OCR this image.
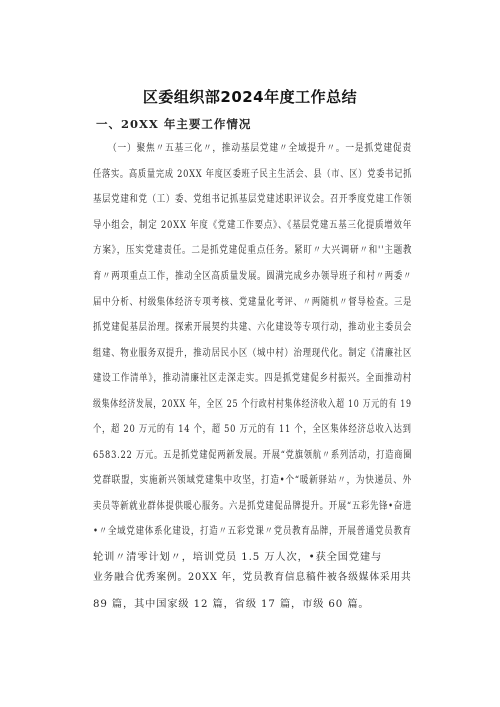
区委组织部2024年度工作总结
一、20XX 年主要工作情况
（一）聚焦〃五基三化〃，推动基层党建〃全域提升〃。一是抓党建促责
任落实。高质量完成 20XX 年度区委班子民主生活会、县（市、区）党委书记抓
基层党建和党（工）委、党组书记抓基层党建述职评议会。召开季度党建工作领
导小组会，制定 20XX 年度《党建工作要点》、《基层党建五基三化提质增效年
方案》，压实党建责任。二是抓党建促重点任务。紧盯〃大兴调研〃和''主题教
育〃两项重点工作，推动全区高质量发展。圆满完成乡办领导班子和村〃两委〃
届中分析、村级集体经济专项考核、党建量化考评、〃两随机〃督导检查。三是
抓党建促基层治理。探索开展契约共建、六化建设等专项行动，推动业主委员会
组建、物业服务双提升，推动居民小区（城中村）治理现代化。制定《清廉社区
建设工作清单》，推动清廉社区走深走实。四是抓党建促乡村振兴。全面推动村
级集体经济发展，20XX 年，全区 25 个行政村村集体经济收入超 10 万元的有 19
个，超 20 万元的有 14 个，超 50 万元的有 11 个，全区集体经济总收入达到
6583.22 万元。五是抓党建促两新发展。开展“党旗领航〃系列活动，打造商圈
党群联盟，实施新兴领域党建集中攻坚，打造•个“暖新驿站〃，为快递员、外
卖员等新就业群体提供暖心服务。六是抓党建促品牌提升。开展“五彩先锋•奋进
•〃全域党建体系化建设，打造〃五彩党课〃党员教育品牌，开展普通党员教育
轮训〃清零计划〃，培训党员 1.5 万人次，•获全国党建与
业务融合优秀案例。20XX 年，党员教育信息稿件被各级媒体采用共
89 篇，其中国家级 12 篇，省级 17 篇，市级 60 篇。
